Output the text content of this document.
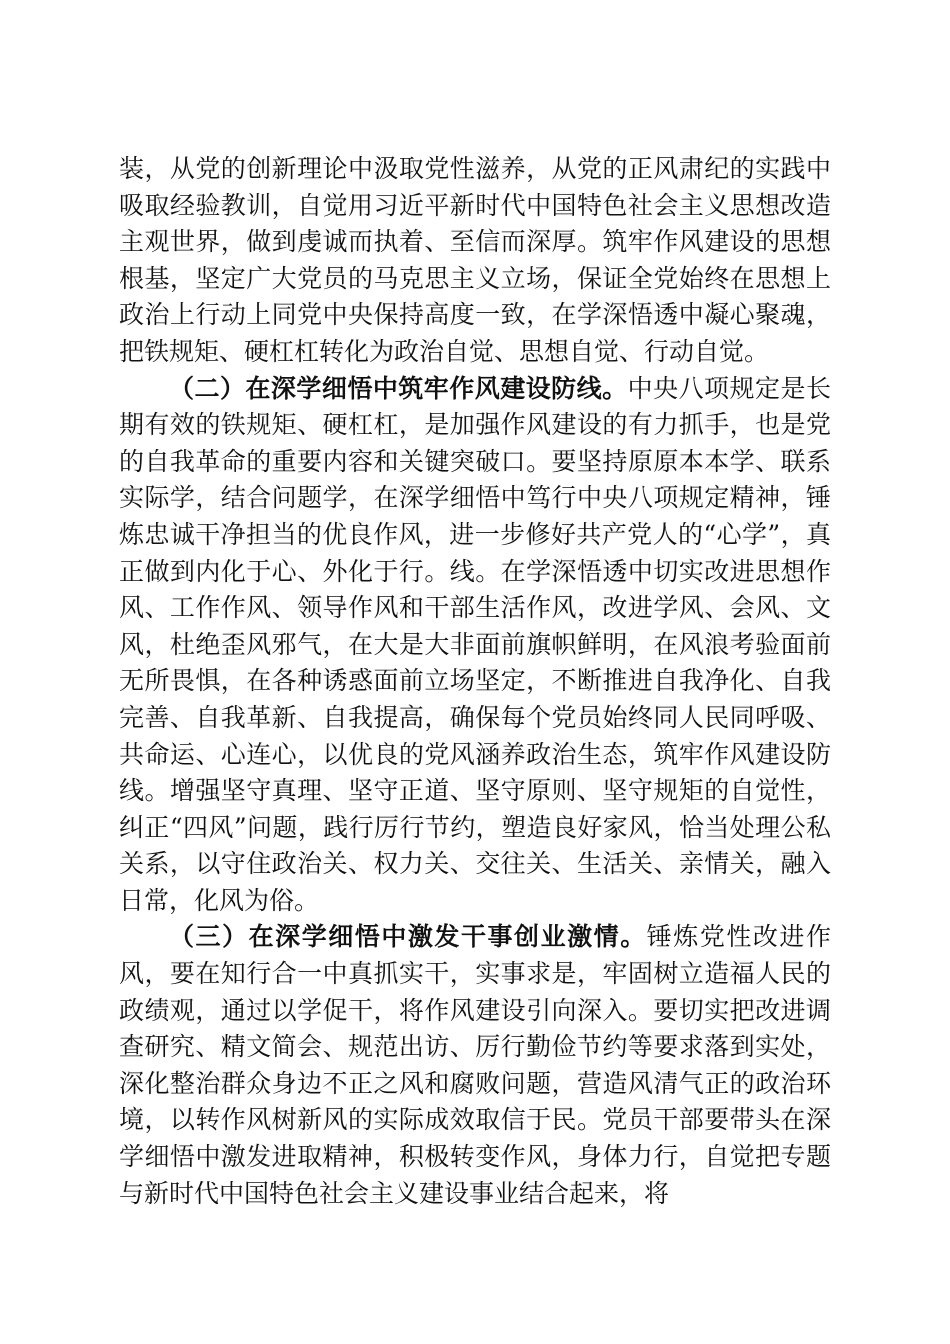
装，从党的创新理论中汲取党性滋养，从党的正风肃纪的实践中吸取经验教训，自觉用习近平新时代中国特色社会主义思想改造主观世界，做到虔诚而执着、至信而深厚。筑牢作风建设的思想根基，坚定广大党员的马克思主义立场，保证全党始终在思想上政治上行动上同党中央保持高度一致，在学深悟透中凝心聚魂，把铁规矩、硬杠杠转化为政治自觉、思想自觉、行动自觉。

（二）在深学细悟中筑牢作风建设防线。中央八项规定是长期有效的铁规矩、硬杠杠，是加强作风建设的有力抓手，也是党的自我革命的重要内容和关键突破口。要坚持原原本本学、联系实际学，结合问题学，在深学细悟中笃行中央八项规定精神，锤炼忠诚干净担当的优良作风，进一步修好共产党人的“心学”，真正做到内化于心、外化于行。线。在学深悟透中切实改进思想作风、工作作风、领导作风和干部生活作风，改进学风、会风、文风，杜绝歪风邪气，在大是大非面前旗帜鲜明，在风浪考验面前无所畏惧，在各种诱惑面前立场坚定，不断推进自我净化、自我完善、自我革新、自我提高，确保每个党员始终同人民同呼吸、共命运、心连心，以优良的党风涵养政治生态，筑牢作风建设防线。增强坚守真理、坚守正道、坚守原则、坚守规矩的自觉性，纠正“四风”问题，践行厉行节约，塑造良好家风，恰当处理公私关系，以守住政治关、权力关、交往关、生活关、亲情关，融入日常，化风为俗。

（三）在深学细悟中激发干事创业激情。锤炼党性改进作风，要在知行合一中真抓实干，实事求是，牢固树立造福人民的政绩观，通过以学促干，将作风建设引向深入。要切实把改进调查研究、精文简会、规范出访、厉行勤俭节约等要求落到实处，深化整治群众身边不正之风和腐败问题，营造风清气正的政治环境，以转作风树新风的实际成效取信于民。党员干部要带头在深学细悟中激发进取精神，积极转变作风，身体力行，自觉把专题与新时代中国特色社会主义建设事业结合起来，将
